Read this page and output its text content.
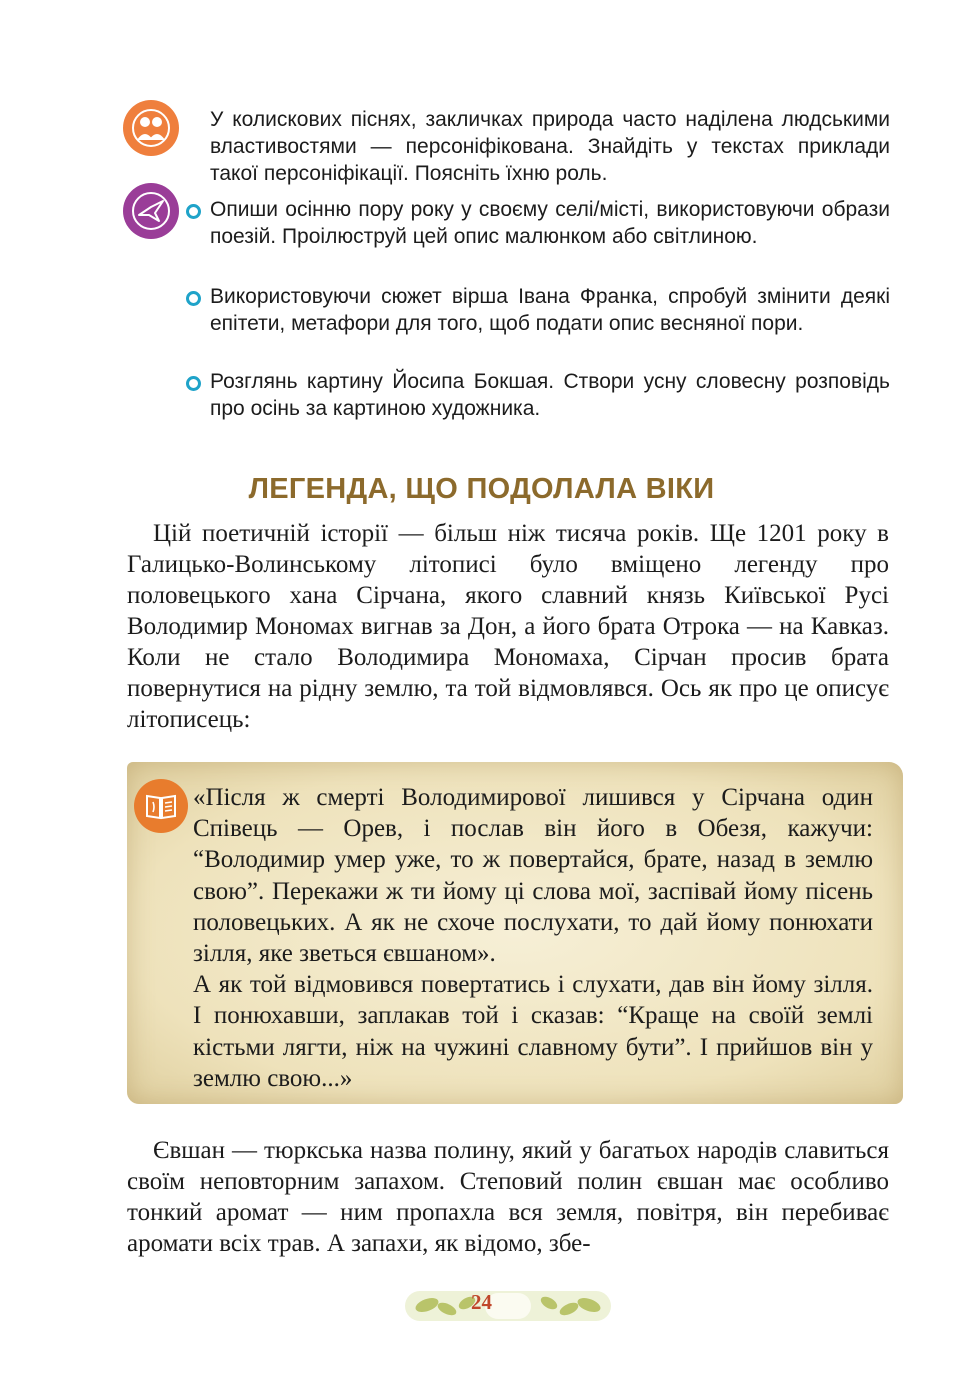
У колискових піснях, закличках природа часто наділена людськими властивостями — персоніфікована. Знайдіть у текстах приклади такої персоніфікації. Поясніть їхню роль.

Опиши осінню пору року у своєму селі/місті, використовуючи образи поезій. Проілюструй цей опис малюнком або світлиною.

Використовуючи сюжет вірша Івана Франка, спробуй змінити деякі епітети, метафори для того, щоб подати опис весняної пори.

Розглянь картину Йосипа Бокшая. Створи усну словесну розповідь про осінь за картиною художника.

ЛЕГЕНДА, ЩО ПОДОЛАЛА ВІКИ

Цій поетичній історії — більш ніж тисяча років. Ще 1201 року в Галицько-Волинському літописі було вміщено легенду про половецького хана Сірчана, якого славний князь Київської Русі Володимир Мономах вигнав за Дон, а його брата Отрока — на Кавказ. Коли не стало Володимира Мономаха, Сірчан просив брата повернутися на рідну землю, та той відмовлявся. Ось як про це описує літописець:

«Після ж смерті Володимирової лишився у Сірчана один Співець — Орев, і послав він його в Обезя, кажучи: “Володимир умер уже, то ж повертайся, брате, назад в землю свою”. Перекажи ж ти йому ці слова мої, заспівай йому пісень половецьких. А як не схоче послухати, то дай йому понюхати зілля, яке зветься євшаном».
А як той відмовився повертатись і слухати, дав він йому зілля. І понюхавши, заплакав той і сказав: “Краще на своїй землі кістьми лягти, ніж на чужині славному бути”. І прийшов він у землю свою...»

Євшан — тюркська назва полину, який у багатьох народів славиться своїм неповторним запахом. Степовий полин євшан має особливо тонкий аромат — ним пропахла вся земля, повітря, він перебиває аромати всіх трав. А запахи, як відомо, збе-

24
